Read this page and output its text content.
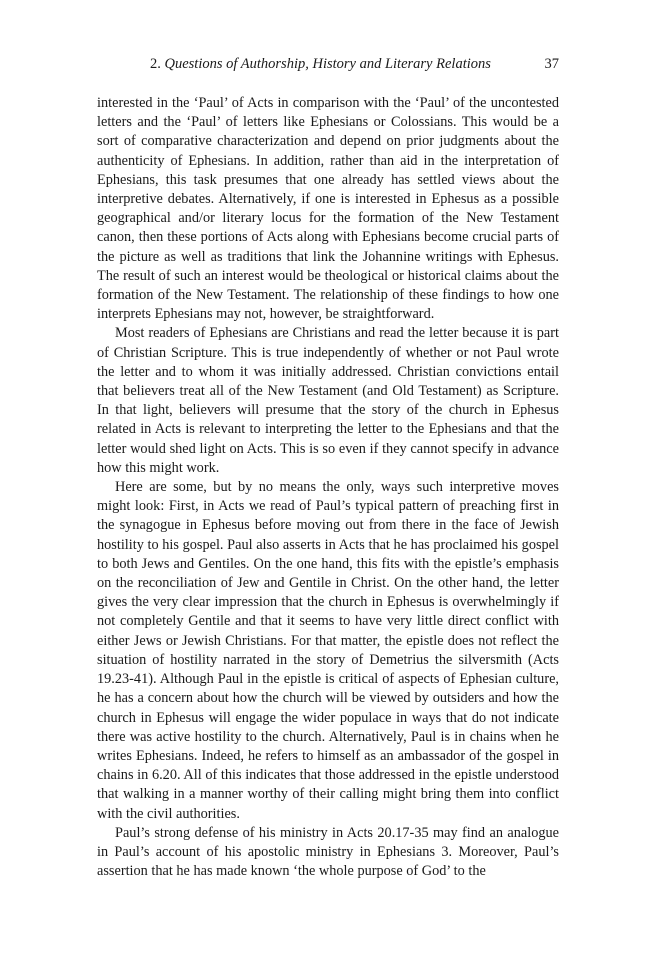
2. Questions of Authorship, History and Literary Relations	37

interested in the ‘Paul’ of Acts in comparison with the ‘Paul’ of the uncontested letters and the ‘Paul’ of letters like Ephesians or Colossians. This would be a sort of comparative characterization and depend on prior judgments about the authenticity of Ephesians. In addition, rather than aid in the interpretation of Ephesians, this task presumes that one already has settled views about the interpretive debates. Alternatively, if one is interested in Ephesus as a possible geographical and/or literary locus for the formation of the New Testament canon, then these portions of Acts along with Ephesians become crucial parts of the picture as well as traditions that link the Johannine writings with Ephesus. The result of such an interest would be theological or historical claims about the formation of the New Testament. The relationship of these findings to how one interprets Ephesians may not, however, be straightforward.

Most readers of Ephesians are Christians and read the letter because it is part of Christian Scripture. This is true independently of whether or not Paul wrote the letter and to whom it was initially addressed. Christian convictions entail that believers treat all of the New Testament (and Old Testament) as Scripture. In that light, believers will presume that the story of the church in Ephesus related in Acts is relevant to interpreting the letter to the Ephesians and that the letter would shed light on Acts. This is so even if they cannot specify in advance how this might work.

Here are some, but by no means the only, ways such interpretive moves might look: First, in Acts we read of Paul’s typical pattern of preaching first in the synagogue in Ephesus before moving out from there in the face of Jewish hostility to his gospel. Paul also asserts in Acts that he has proclaimed his gospel to both Jews and Gentiles. On the one hand, this fits with the epistle’s emphasis on the reconciliation of Jew and Gentile in Christ. On the other hand, the letter gives the very clear impression that the church in Ephesus is overwhelmingly if not completely Gentile and that it seems to have very little direct conflict with either Jews or Jewish Christians. For that matter, the epistle does not reflect the situation of hostility narrated in the story of Demetrius the silversmith (Acts 19.23-41). Although Paul in the epistle is critical of aspects of Ephesian culture, he has a concern about how the church will be viewed by outsiders and how the church in Ephesus will engage the wider populace in ways that do not indicate there was active hostility to the church. Alternatively, Paul is in chains when he writes Ephesians. Indeed, he refers to himself as an ambassador of the gospel in chains in 6.20. All of this indicates that those addressed in the epistle understood that walking in a manner worthy of their calling might bring them into conflict with the civil authorities.

Paul’s strong defense of his ministry in Acts 20.17-35 may find an analogue in Paul’s account of his apostolic ministry in Ephesians 3. Moreover, Paul’s assertion that he has made known ‘the whole purpose of God’ to the
